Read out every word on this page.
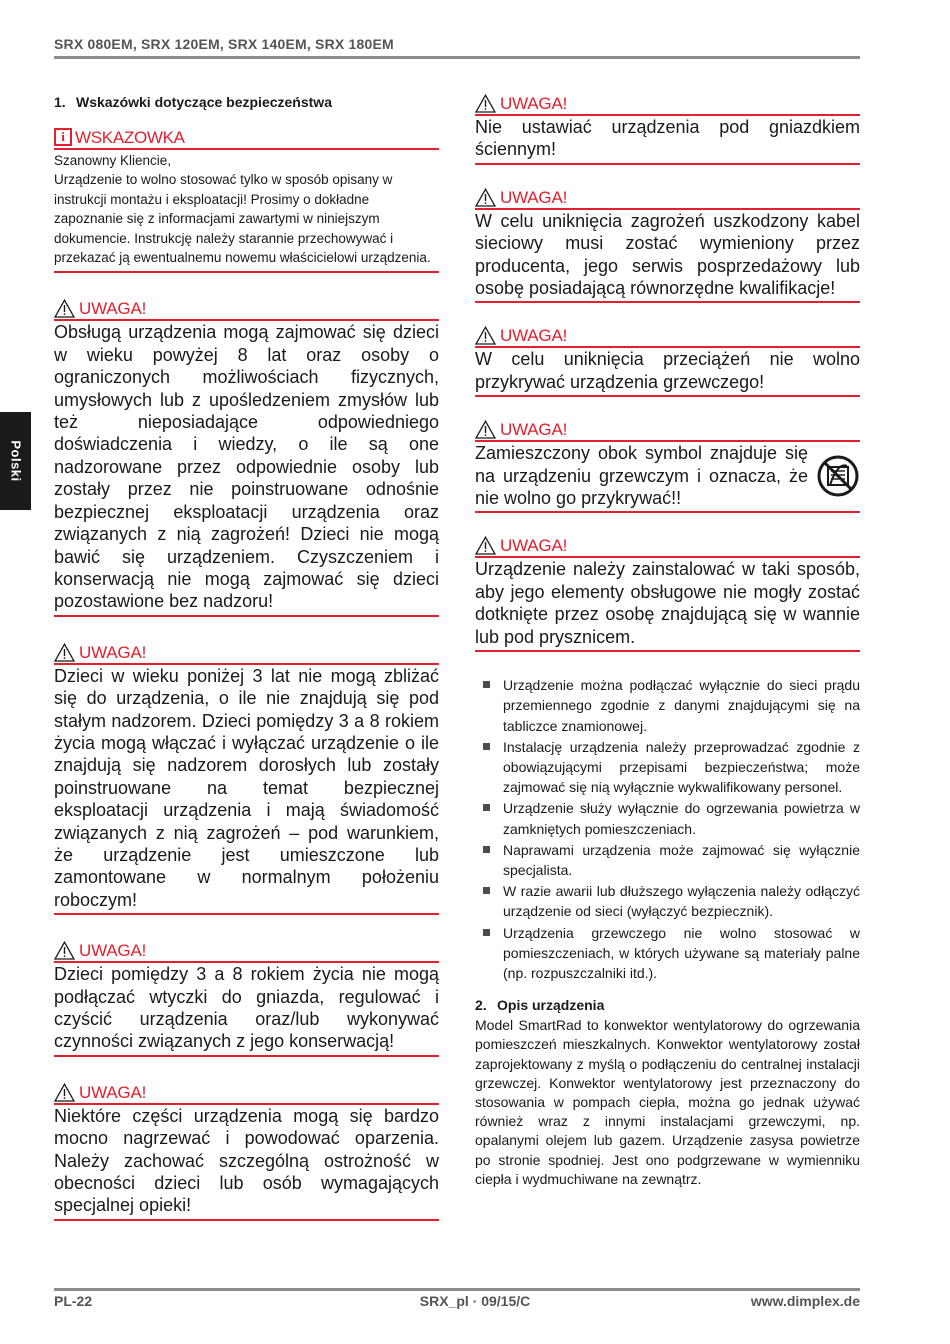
SRX 080EM, SRX 120EM, SRX 140EM, SRX 180EM
Polski
1. Wskazówki dotyczące bezpieczeństwa
i WSKAZOWKA
Szanowny Kliencie,
Urządzenie to wolno stosować tylko w sposób opisany w instrukcji montażu i eksploatacji! Prosimy o dokładne zapoznanie się z informacjami zawartymi w niniejszym dokumencie. Instrukcję należy starannie przechowywać i przekazać ją ewentualnemu nowemu właścicielowi urządzenia.
UWAGA!
Obsługą urządzenia mogą zajmować się dzieci w wieku powyżej 8 lat oraz osoby o ograniczonych możliwościach fizycznych, umysłowych lub z upośledzeniem zmysłów lub też nieposiadające odpowiedniego doświadczenia i wiedzy, o ile są one nadzorowane przez odpowiednie osoby lub zostały przez nie poinstruowane odnośnie bezpiecznej eksploatacji urządzenia oraz związanych z nią zagrożeń! Dzieci nie mogą bawić się urządzeniem. Czyszczeniem i konserwacją nie mogą zajmować się dzieci pozostawione bez nadzoru!
UWAGA!
Dzieci w wieku poniżej 3 lat nie mogą zbliżać się do urządzenia, o ile nie znajdują się pod stałym nadzorem. Dzieci pomiędzy 3 a 8 rokiem życia mogą włączać i wyłączać urządzenie o ile znajdują się nadzorem dorosłych lub zostały poinstruowane na temat bezpiecznej eksploatacji urządzenia i mają świadomość związanych z nią zagrożeń – pod warunkiem, że urządzenie jest umieszczone lub zamontowane w normalnym położeniu roboczym!
UWAGA!
Dzieci pomiędzy 3 a 8 rokiem życia nie mogą podłączać wtyczki do gniazda, regulować i czyścić urządzenia oraz/lub wykonywać czynności związanych z jego konserwacją!
UWAGA!
Niektóre części urządzenia mogą się bardzo mocno nagrzewać i powodować oparzenia. Należy zachować szczególną ostrożność w obecności dzieci lub osób wymagających specjalnej opieki!
UWAGA!
Nie ustawiać urządzenia pod gniazdkiem ściennym!
UWAGA!
W celu uniknięcia zagrożeń uszkodzony kabel sieciowy musi zostać wymieniony przez producenta, jego serwis posprzedażowy lub osobę posiadającą równorzędne kwalifikacje!
UWAGA!
W celu uniknięcia przeciążeń nie wolno przykrywać urządzenia grzewczego!
UWAGA!
Zamieszczony obok symbol znajduje się na urządzeniu grzewczym i oznacza, że nie wolno go przykrywać!!
UWAGA!
Urządzenie należy zainstalować w taki sposób, aby jego elementy obsługowe nie mogły zostać dotknięte przez osobę znajdującą się w wannie lub pod prysznicem.
Urządzenie można podłączać wyłącznie do sieci prądu przemiennego zgodnie z danymi znajdującymi się na tabliczce znamionowej.
Instalację urządzenia należy przeprowadzać zgodnie z obowiązującymi przepisami bezpieczeństwa; może zajmować się nią wyłącznie wykwalifikowany personel.
Urządzenie służy wyłącznie do ogrzewania powietrza w zamkniętych pomieszczeniach.
Naprawami urządzenia może zajmować się wyłącznie specjalista.
W razie awarii lub dłuższego wyłączenia należy odłączyć urządzenie od sieci (wyłączyć bezpiecznik).
Urządzenia grzewczego nie wolno stosować w pomieszczeniach, w których używane są materiały palne (np. rozpuszczalniki itd.).
2. Opis urządzenia
Model SmartRad to konwektor wentylatorowy do ogrzewania pomieszczeń mieszkalnych. Konwektor wentylatorowy został zaprojektowany z myślą o podłączeniu do centralnej instalacji grzewczej. Konwektor wentylatorowy jest przeznaczony do stosowania w pompach ciepła, można go jednak używać również wraz z innymi instalacjami grzewczymi, np. opalanymi olejem lub gazem. Urządzenie zasysa powietrze po stronie spodniej. Jest ono podgrzewane w wymienniku ciepła i wydmuchiwane na zewnątrz.
PL-22	SRX_pl · 09/15/C	www.dimplex.de
